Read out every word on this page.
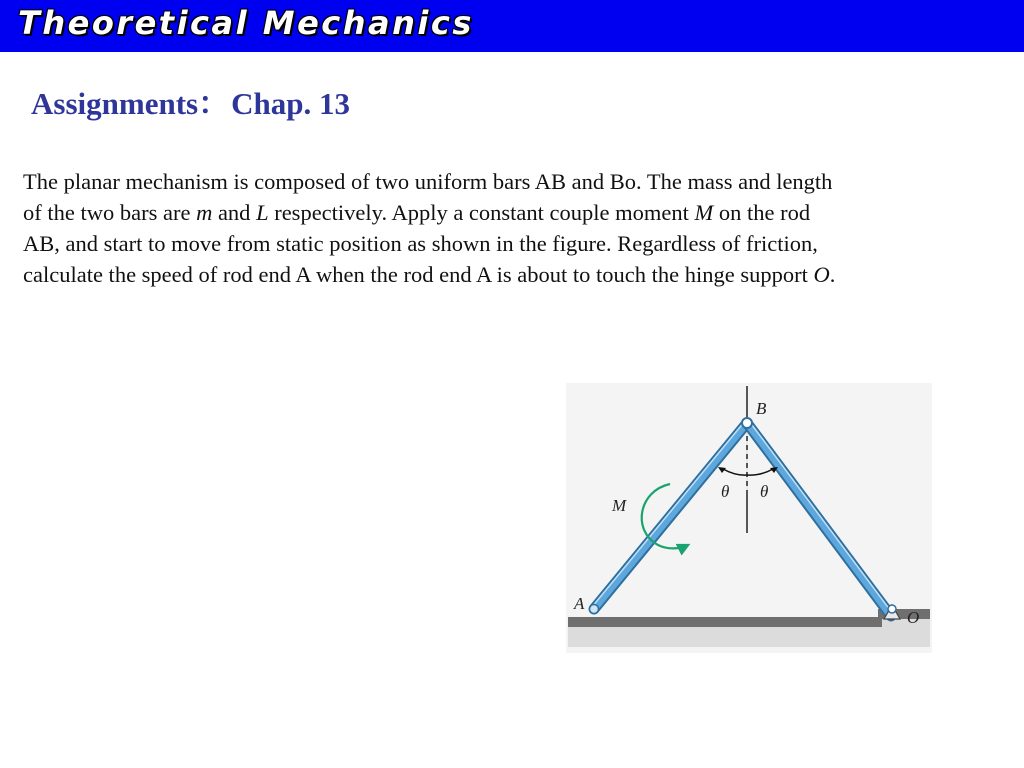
Theoretical Mechanics
Assignments：Chap. 13
The planar mechanism is composed of two uniform bars AB and Bo. The mass and length
of the two bars are m and L respectively. Apply a constant couple moment M on the rod
AB, and start to move from static position as shown in the figure. Regardless of friction,
calculate the speed of rod end A when the rod end A is about to touch the hinge support O.
B
A
O
M
θ θ
